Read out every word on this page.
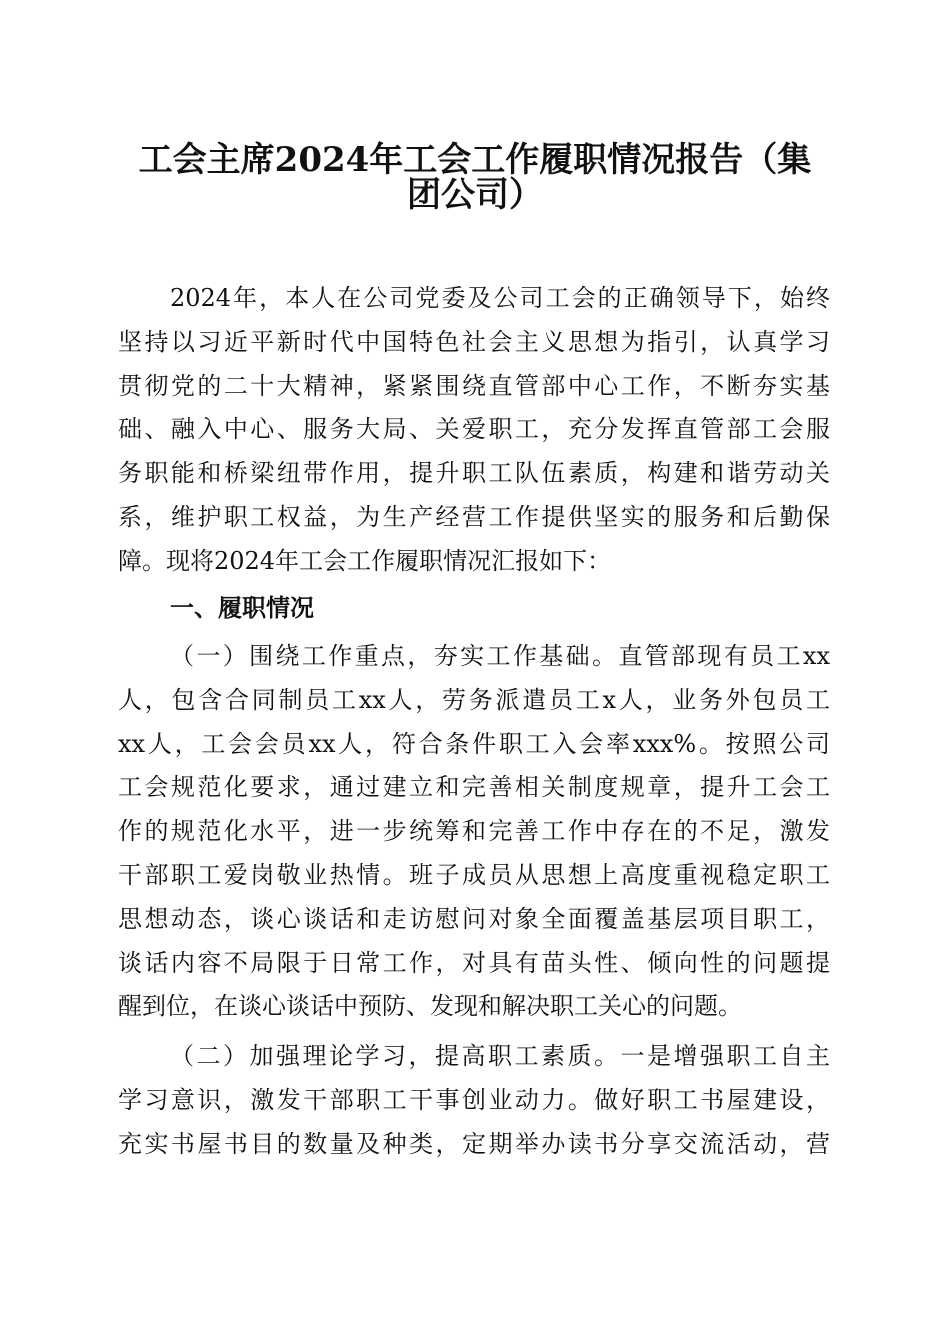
工会主席2024年工会工作履职情况报告（集
团公司）
2024年，本人在公司党委及公司工会的正确领导下，始终
坚持以习近平新时代中国特色社会主义思想为指引，认真学习
贯彻党的二十大精神，紧紧围绕直管部中心工作，不断夯实基
础、融入中心、服务大局、关爱职工，充分发挥直管部工会服
务职能和桥梁纽带作用，提升职工队伍素质，构建和谐劳动关
系，维护职工权益，为生产经营工作提供坚实的服务和后勤保
障。现将2024年工会工作履职情况汇报如下：
一、履职情况
（一）围绕工作重点，夯实工作基础。直管部现有员工xx
人，包含合同制员工xx人，劳务派遣员工x人，业务外包员工
xx人，工会会员xx人，符合条件职工入会率xxx%。按照公司
工会规范化要求，通过建立和完善相关制度规章，提升工会工
作的规范化水平，进一步统筹和完善工作中存在的不足，激发
干部职工爱岗敬业热情。班子成员从思想上高度重视稳定职工
思想动态，谈心谈话和走访慰问对象全面覆盖基层项目职工，
谈话内容不局限于日常工作，对具有苗头性、倾向性的问题提
醒到位，在谈心谈话中预防、发现和解决职工关心的问题。
（二）加强理论学习，提高职工素质。一是增强职工自主
学习意识，激发干部职工干事创业动力。做好职工书屋建设，
充实书屋书目的数量及种类，定期举办读书分享交流活动，营
